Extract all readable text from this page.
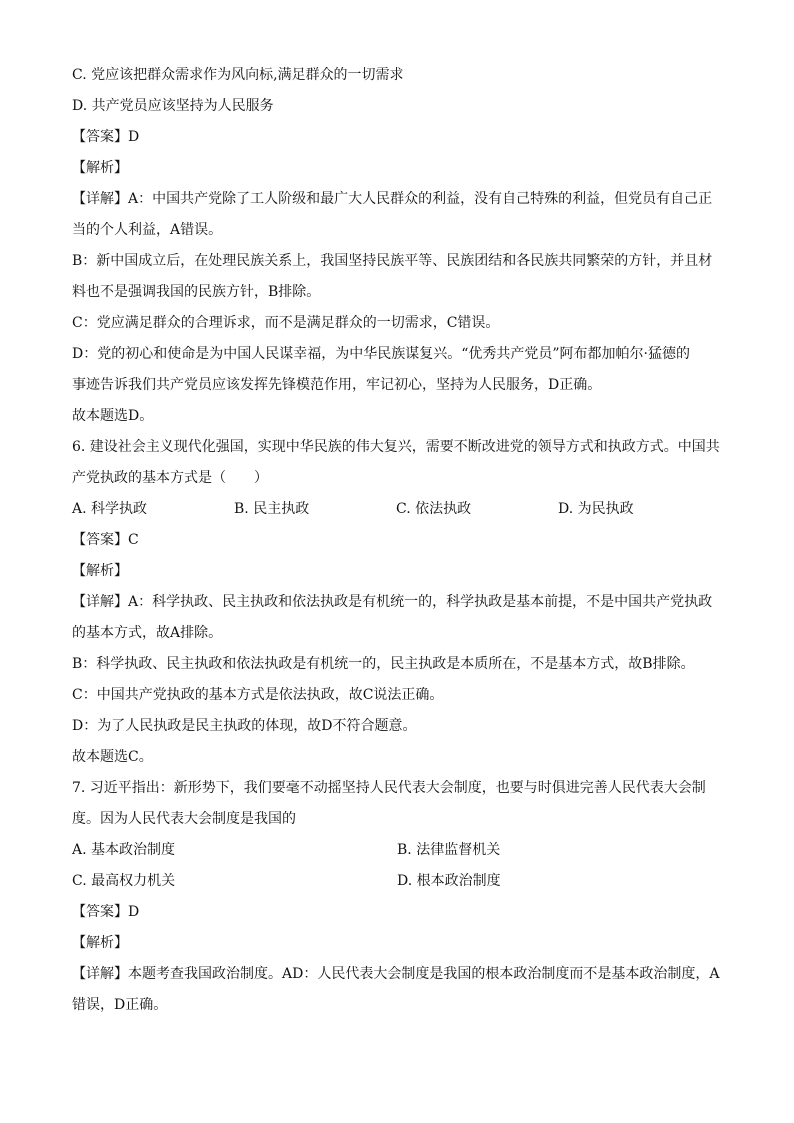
C. 党应该把群众需求作为风向标,满足群众的一切需求
D. 共产党员应该坚持为人民服务
【答案】D
【解析】
【详解】A：中国共产党除了工人阶级和最广大人民群众的利益，没有自己特殊的利益，但党员有自己正
当的个人利益，A错误。
B：新中国成立后，在处理民族关系上，我国坚持民族平等、民族团结和各民族共同繁荣的方针，并且材
料也不是强调我国的民族方针，B排除。
C：党应满足群众的合理诉求，而不是满足群众的一切需求，C错误。
D：党的初心和使命是为中国人民谋幸福，为中华民族谋复兴。“优秀共产党员”阿布都加帕尔·猛德的
事迹告诉我们共产党员应该发挥先锋模范作用，牢记初心，坚持为人民服务，D正确。
故本题选D。
6. 建设社会主义现代化强国，实现中华民族的伟大复兴，需要不断改进党的领导方式和执政方式。中国共
产党执政的基本方式是（　　）
A. 科学执政	B. 民主执政	C. 依法执政	D. 为民执政
【答案】C
【解析】
【详解】A：科学执政、民主执政和依法执政是有机统一的，科学执政是基本前提，不是中国共产党执政
的基本方式，故A排除。
B：科学执政、民主执政和依法执政是有机统一的，民主执政是本质所在，不是基本方式，故B排除。
C：中国共产党执政的基本方式是依法执政，故C说法正确。
D：为了人民执政是民主执政的体现，故D不符合题意。
故本题选C。
7. 习近平指出：新形势下，我们要毫不动摇坚持人民代表大会制度，也要与时俱进完善人民代表大会制
度。因为人民代表大会制度是我国的
A. 基本政治制度	B. 法律监督机关
C. 最高权力机关	D. 根本政治制度
【答案】D
【解析】
【详解】本题考查我国政治制度。AD：人民代表大会制度是我国的根本政治制度而不是基本政治制度，A
错误，D正确。
